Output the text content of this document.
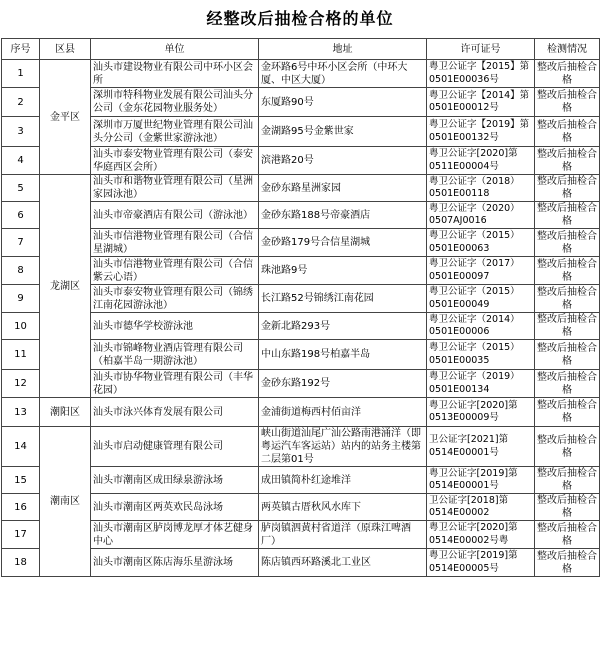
经整改后抽检合格的单位
序号	区县	单位	地址	许可证号	检测情况
1	金平区	汕头市建设物业有限公司中环小区会所	金环路6号中环小区会所（中环大厦、中区大厦）	粤卫公证字【2015】第0501E00036号	整改后抽检合格
2		深圳市特科物业发展有限公司汕头分公司（金东花园物业服务处）	东厦路90号	粤卫公证字【2014】第0501E00012号	整改后抽检合格
3		深圳市万厦世纪物业管理有限公司汕头分公司（金紫世家游泳池）	金湖路95号金紫世家	粤卫公证字【2019】第0501E00132号	整改后抽检合格
4		汕头市泰安物业管理有限公司（泰安华庭西区会所）	滨港路20号	粤卫公证字[2020]第0511E00004号	整改后抽检合格
5	龙湖区	汕头市和谐物业管理有限公司（星洲家园泳池）	金砂东路星洲家园	粤卫公证字（2018）0501E00118	整改后抽检合格
6		汕头市帝豪酒店有限公司（游泳池）	金砂东路188号帝豪酒店	粤卫公证字（2020）0507AJ0016	整改后抽检合格
7		汕头市信港物业管理有限公司（合信星湖城）	金砂路179号合信星湖城	粤卫公证字（2015）0501E00063	整改后抽检合格
8		汕头市信港物业管理有限公司（合信紫云心语）	珠池路9号	粤卫公证字（2017）0501E00097	整改后抽检合格
9		汕头市泰安物业管理有限公司（锦绣江南花园游泳池）	长江路52号锦绣江南花园	粤卫公证字（2015）0501E00049	整改后抽检合格
10		汕头市德华学校游泳池	金新北路293号	粤卫公证字（2014）0501E00006	整改后抽检合格
11		汕头市锦峰物业酒店管理有限公司（柏嘉半岛一期游泳池）	中山东路198号柏嘉半岛	粤卫公证字（2015）0501E00035	整改后抽检合格
12		汕头市协华物业管理有限公司（丰华花园）	金砂东路192号	粤卫公证字（2019）0501E00134	整改后抽检合格
13	潮阳区	汕头市泳兴体育发展有限公司	金浦街道梅西村佰亩洋	粤卫公证字[2020]第0513E00009号	整改后抽检合格
14	潮南区	汕头市启动健康管理有限公司	峡山街道汕尾广汕公路南港涌洋（即粤运汽车客运站）站内的站务主楼第二层第01号	卫公证字[2021]第0514E00001号	整改后抽检合格
15		汕头市潮南区成田绿泉游泳场	成田镇简朴红途堆洋	粤卫公证字[2019]第0514E00001号	整改后抽检合格
16		汕头市潮南区两英欢民岛泳场	两英镇古厝秋风水库下	卫公证字[2018]第0514E00002	整改后抽检合格
17		汕头市潮南区胪岗博龙厚才体艺健身中心	胪岗镇泗黄村省道洋（原珠江啤酒厂）	粤卫公证字[2020]第0514E00002号粤	整改后抽检合格
18		汕头市潮南区陈店海乐星游泳场	陈店镇西环路溪北工业区	粤卫公证字[2019]第0514E00005号	整改后抽检合格
